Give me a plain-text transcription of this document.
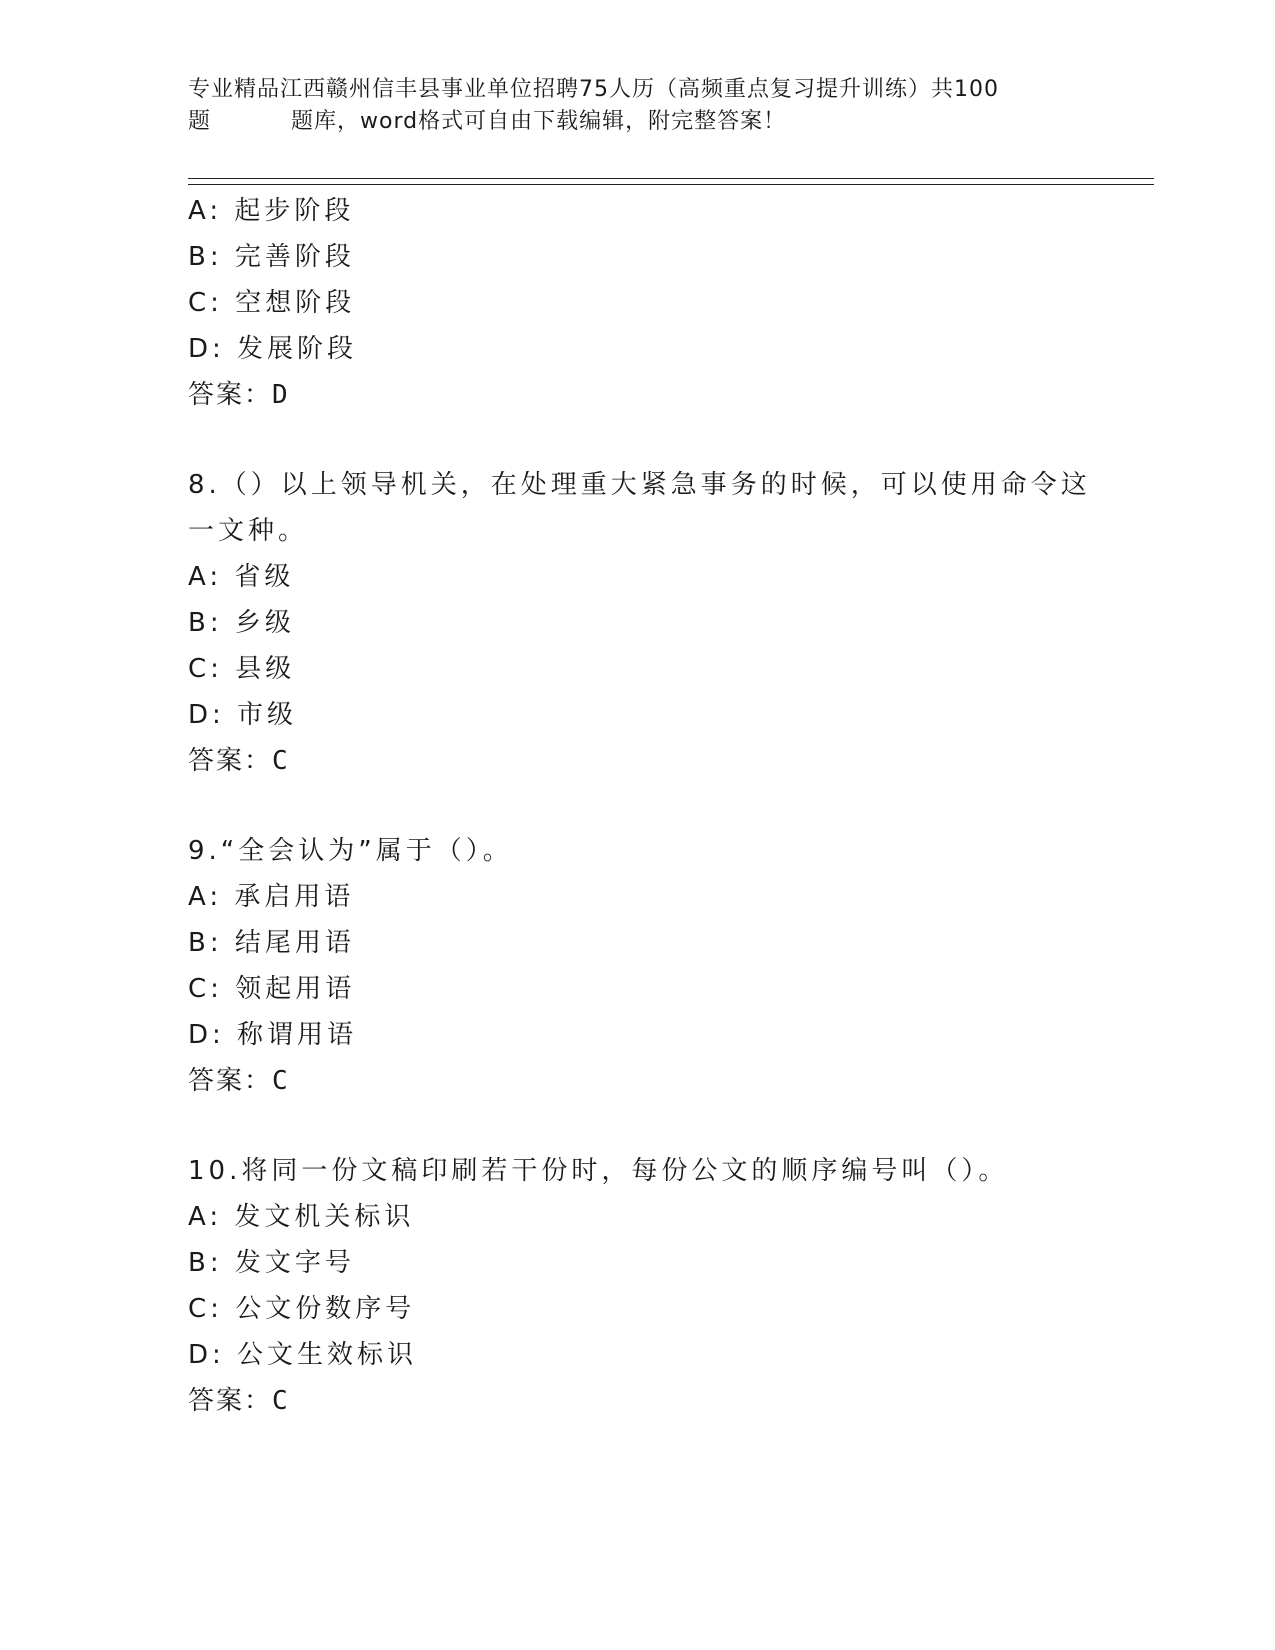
专业精品江西赣州信丰县事业单位招聘75人历（高频重点复习提升训练）共100
题	题库，word格式可自由下载编辑，附完整答案！
A: 起步阶段
B: 完善阶段
C: 空想阶段
D: 发展阶段
答案：D
8.（）以上领导机关，在处理重大紧急事务的时候，可以使用命令这
一文种。
A: 省级
B: 乡级
C: 县级
D: 市级
答案：C
9.“全会认为”属于（）。
A: 承启用语
B: 结尾用语
C: 领起用语
D: 称谓用语
答案：C
10.将同一份文稿印刷若干份时，每份公文的顺序编号叫（）。
A: 发文机关标识
B: 发文字号
C: 公文份数序号
D: 公文生效标识
答案：C
